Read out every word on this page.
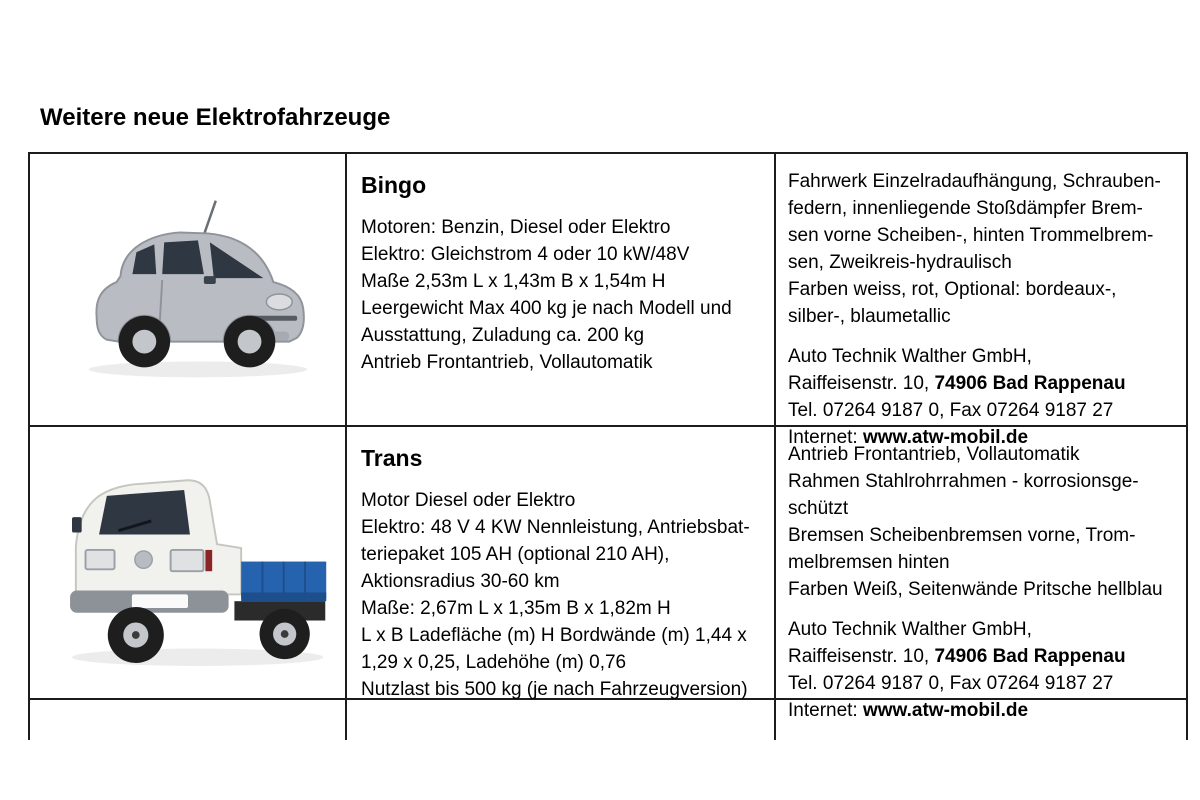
Weitere neue Elektrofahrzeuge
Bingo
Motoren: Benzin, Diesel oder Elektro
Elektro: Gleichstrom 4 oder 10 kW/48V
Maße 2,53m L x 1,43m B x 1,54m H
Leergewicht Max 400 kg je nach Modell und
Ausstattung, Zuladung ca. 200 kg
Antrieb Frontantrieb, Vollautomatik
Fahrwerk Einzelradaufhängung, Schrauben-
federn, innenliegende Stoßdämpfer Brem-
sen vorne Scheiben-, hinten Trommelbrem-
sen, Zweikreis-hydraulisch
Farben weiss, rot, Optional: bordeaux-,
silber-, blaumetallic
Auto Technik Walther GmbH,
Raiffeisenstr. 10, 74906 Bad Rappenau
Tel. 07264 9187 0, Fax 07264 9187 27
Internet: www.atw-mobil.de
Trans
Motor Diesel oder Elektro
Elektro: 48 V 4 KW Nennleistung, Antriebsbat-
teriepaket 105 AH (optional 210 AH),
Aktionsradius 30-60 km
Maße: 2,67m L x 1,35m B x 1,82m H
L x B Ladefläche (m) H Bordwände (m) 1,44 x
1,29 x 0,25, Ladehöhe (m) 0,76
Nutzlast bis 500 kg (je nach Fahrzeugversion)
Antrieb Frontantrieb, Vollautomatik
Rahmen Stahlrohrrahmen - korrosionsge-
schützt
Bremsen Scheibenbremsen vorne, Trom-
melbremsen hinten
Farben Weiß, Seitenwände Pritsche hellblau
Auto Technik Walther GmbH,
Raiffeisenstr. 10, 74906 Bad Rappenau
Tel. 07264 9187 0, Fax 07264 9187 27
Internet: www.atw-mobil.de
